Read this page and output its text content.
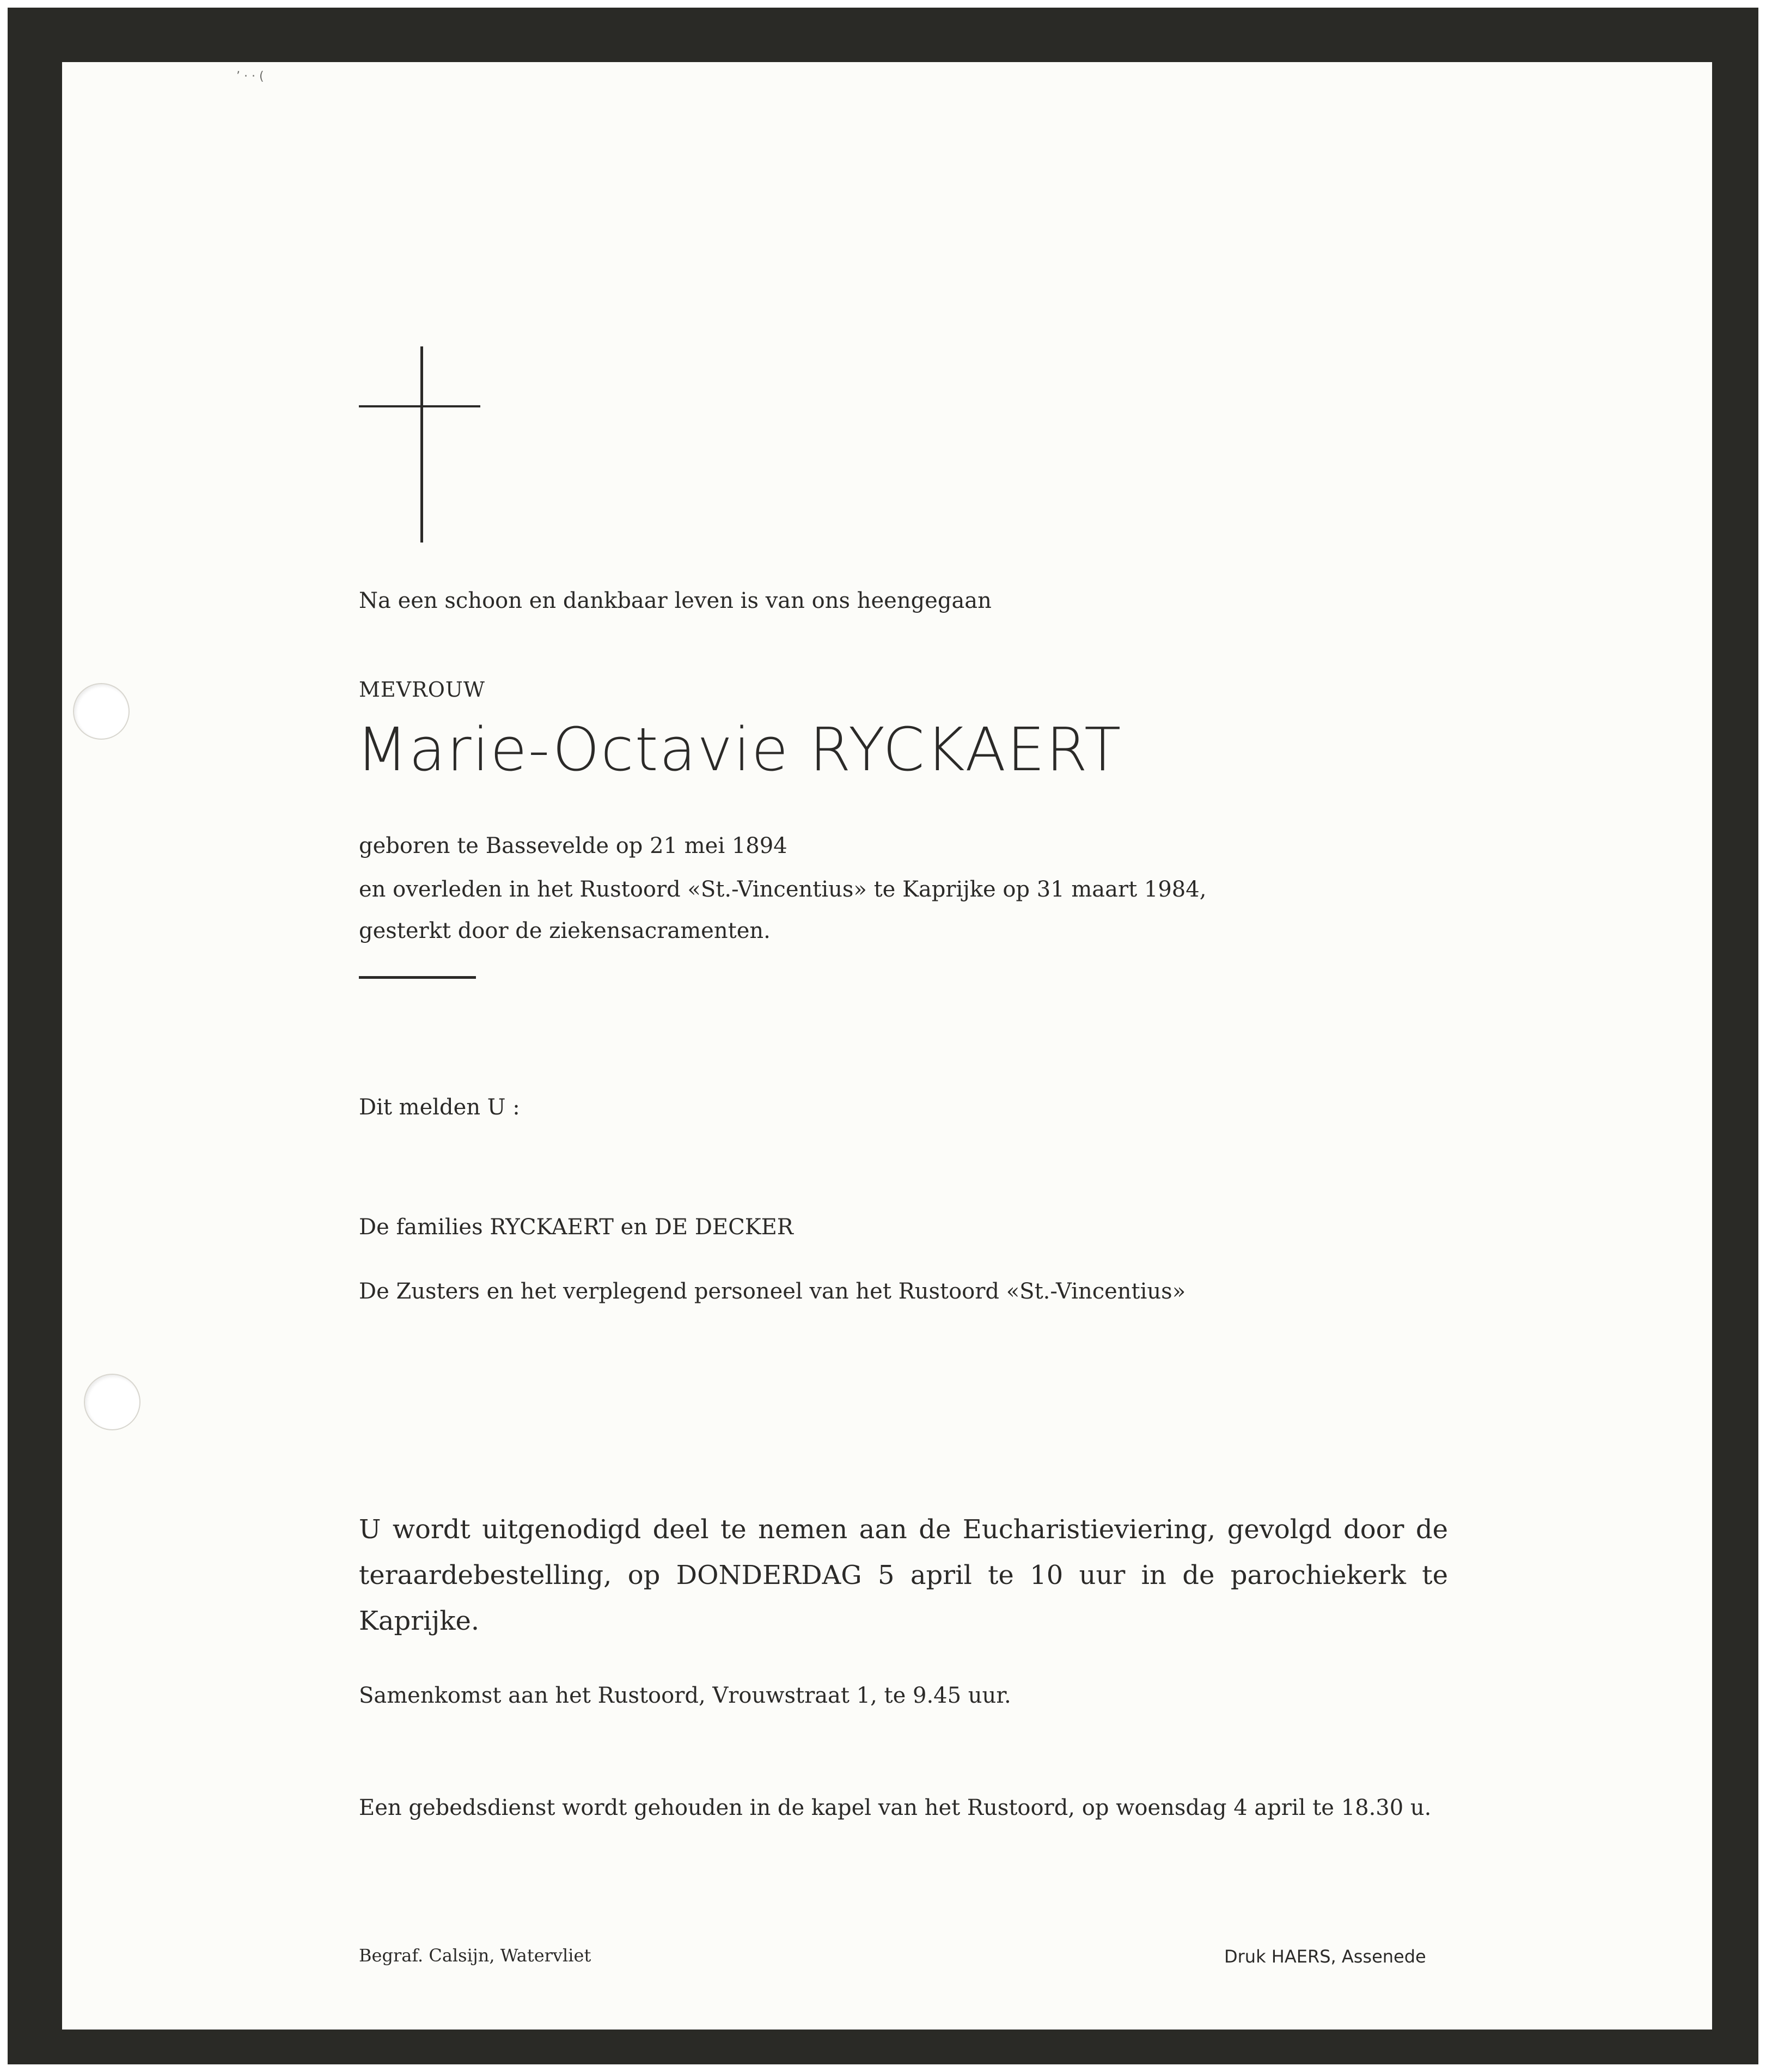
’ · · (
Na een schoon en dankbaar leven is van ons heengegaan
MEVROUW
Marie-Octavie RYCKAERT
geboren te Bassevelde op 21 mei 1894
en overleden in het Rustoord «St.-Vincentius» te Kaprijke op 31 maart 1984,
gesterkt door de ziekensacramenten.
Dit melden U :
De families RYCKAERT en DE DECKER
De Zusters en het verplegend personeel van het Rustoord «St.-Vincentius»
U wordt uitgenodigd deel te nemen aan de Eucharistieviering, gevolgd door de teraardebestelling, op DONDERDAG 5 april te 10 uur in de parochiekerk te Kaprijke.
Samenkomst aan het Rustoord, Vrouwstraat 1, te 9.45 uur.
Een gebedsdienst wordt gehouden in de kapel van het Rustoord, op woensdag 4 april te 18.30 u.
Begraf. Calsijn, Watervliet	Druk HAERS, Assenede
